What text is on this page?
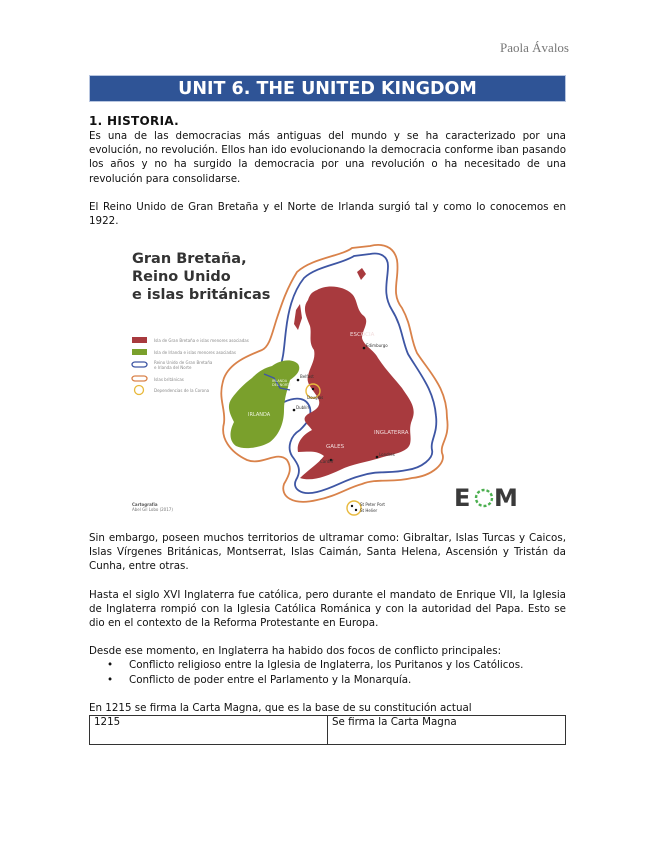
Paola Ávalos
UNIT 6. THE UNITED KINGDOM
1. HISTORIA.

Es una de las democracias más antiguas del mundo y se ha caracterizado por una evolución, no revolución. Ellos han ido evolucionando la democracia conforme iban pasando los años y no ha surgido la democracia por una revolución o ha necesitado de una revolución para consolidarse.

El Reino Unido de Gran Bretaña y el Norte de Irlanda surgió tal y como lo conocemos en 1922.

Gran Bretaña,
Reino Unido
e islas británicas
Isla de Gran Bretaña e islas menores asociadas
Isla de Irlanda e islas menores asociadas
Reino Unido de Gran Bretaña
e Irlanda del Norte
Islas británicas
Dependencias de la Corona
ESCOCIA
INGLATERRA
GALES
IRLANDA
IRLANDA
DEL NORTE
Edimburgo
Belfast
Douglas
Dublín
Cardiff
Londres
St Peter Port
St Helier
Cartografía
Abel Gil Lobo (2017)	E M

Sin embargo, poseen muchos territorios de ultramar como: Gibraltar, Islas Turcas y Caicos, Islas Vírgenes Británicas, Montserrat, Islas Caimán, Santa Helena, Ascensión y Tristán da Cunha, entre otras.

Hasta el siglo XVI Inglaterra fue católica, pero durante el mandato de Enrique VII, la Iglesia de Inglaterra rompió con la Iglesia Católica Románica y con la autoridad del Papa. Esto se dio en el contexto de la Reforma Protestante en Europa.

Desde ese momento, en Inglaterra ha habido dos focos de conflicto principales:

• Conflicto religioso entre la Iglesia de Inglaterra, los Puritanos y los Católicos.
• Conflicto de poder entre el Parlamento y la Monarquía.

En 1215 se firma la Carta Magna, que es la base de su constitución actual

1215	Se firma la Carta Magna
